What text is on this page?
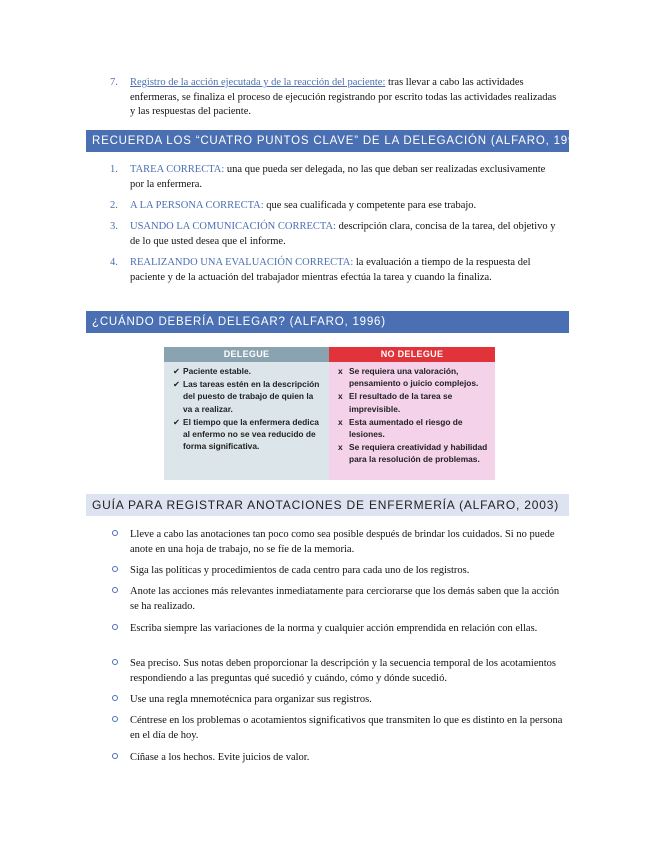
7. Registro de la acción ejecutada y de la reacción del paciente: tras llevar a cabo las actividades enfermeras, se finaliza el proceso de ejecución registrando por escrito todas las actividades realizadas y las respuestas del paciente.
RECUERDA LOS “CUATRO PUNTOS CLAVE” DE LA DELEGACIÓN (ALFARO, 1996)
1. TAREA CORRECTA: una que pueda ser delegada, no las que deban ser realizadas exclusivamente por la enfermera.
2. A LA PERSONA CORRECTA: que sea cualificada y competente para ese trabajo.
3. USANDO LA COMUNICACIÓN CORRECTA: descripción clara, concisa de la tarea, del objetivo y de lo que usted desea que el informe.
4. REALIZANDO UNA EVALUACIÓN CORRECTA: la evaluación a tiempo de la respuesta del paciente y de la actuación del trabajador mientras efectúa la tarea y cuando la finaliza.
¿CUÁNDO DEBERÍA DELEGAR? (ALFARO, 1996)
DELEGUE
✔ Paciente estable.
✔ Las tareas estén en la descripción del puesto de trabajo de quien la va a realizar.
✔ El tiempo que la enfermera dedica al enfermo no se vea reducido de forma significativa.
NO DELEGUE
x Se requiera una valoración, pensamiento o juicio complejos.
x El resultado de la tarea se imprevisible.
x Esta aumentado el riesgo de lesiones.
x Se requiera creatividad y habilidad para la resolución de problemas.
GUÍA PARA REGISTRAR ANOTACIONES DE ENFERMERÍA (ALFARO, 2003)
Lleve a cabo las anotaciones tan poco como sea posible después de brindar los cuidados. Si no puede anote en una hoja de trabajo, no se fíe de la memoria.
Siga las políticas y procedimientos de cada centro para cada uno de los registros.
Anote las acciones más relevantes inmediatamente para cerciorarse que los demás saben que la acción se ha realizado.
Escriba siempre las variaciones de la norma y cualquier acción emprendida en relación con ellas.
Sea preciso. Sus notas deben proporcionar la descripción y la secuencia temporal de los acotamientos respondiendo a las preguntas qué sucedió y cuándo, cómo y dónde sucedió.
Use una regla mnemotécnica para organizar sus registros.
Céntrese en los problemas o acotamientos significativos que transmiten lo que es distinto en la persona en el día de hoy.
Cíñase a los hechos. Evite juicios de valor.
